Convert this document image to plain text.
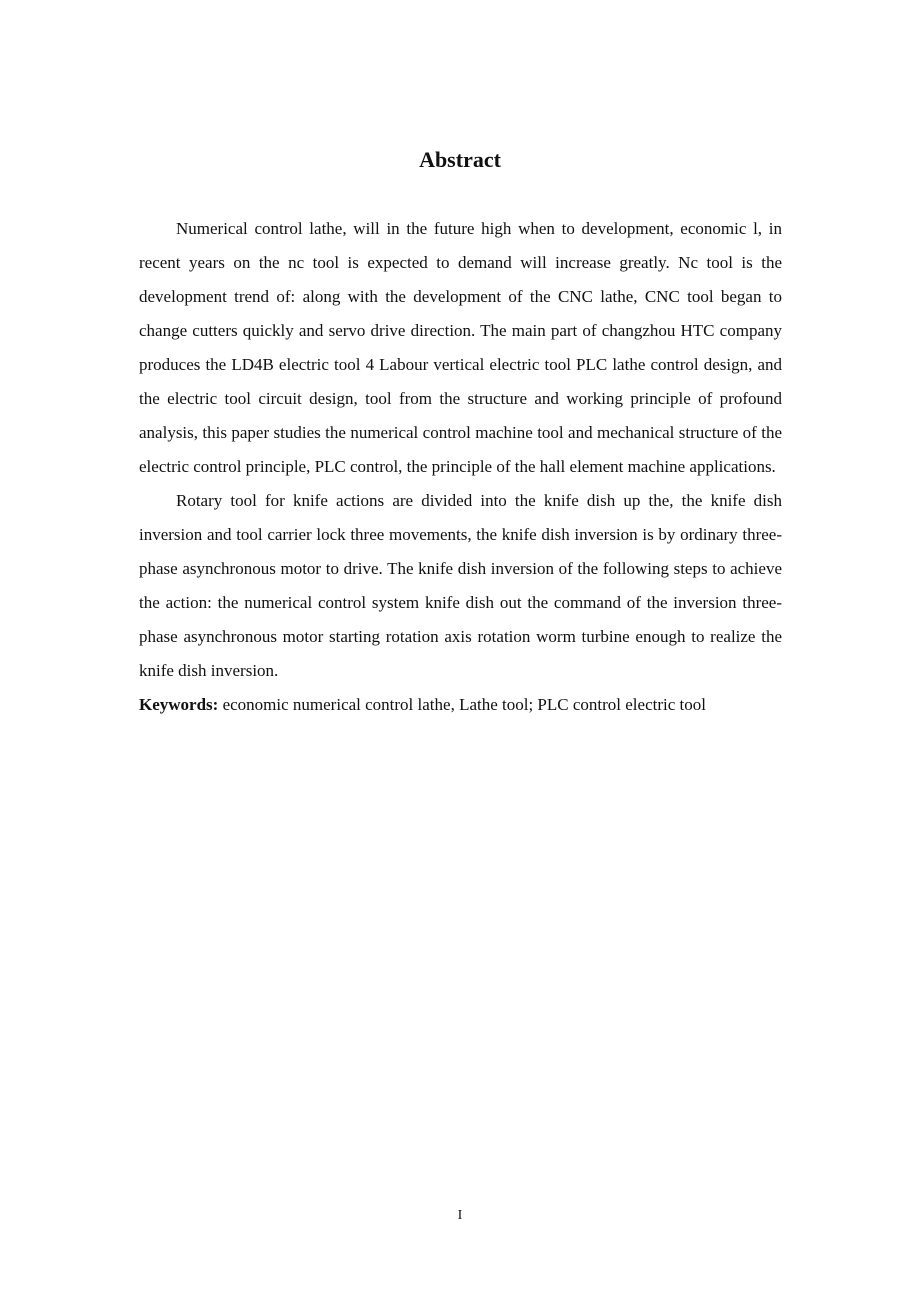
Abstract

Numerical control lathe, will in the future high when to development, economic l, in recent years on the nc tool is expected to demand will increase greatly. Nc tool is the development trend of: along with the development of the CNC lathe, CNC tool began to change cutters quickly and servo drive direction. The main part of changzhou HTC company produces the LD4B electric tool 4 Labour vertical electric tool PLC lathe control design, and the electric tool circuit design, tool from the structure and working principle of profound analysis, this paper studies the numerical control machine tool and mechanical structure of the electric control principle, PLC control, the principle of the hall element machine applications.

Rotary tool for knife actions are divided into the knife dish up the, the knife dish inversion and tool carrier lock three movements, the knife dish inversion is by ordinary three-phase asynchronous motor to drive. The knife dish inversion of the following steps to achieve the action: the numerical control system knife dish out the command of the inversion three-phase asynchronous motor starting rotation axis rotation worm turbine enough to realize the knife dish inversion.

Keywords: economic numerical control lathe, Lathe tool; PLC control electric tool

I
